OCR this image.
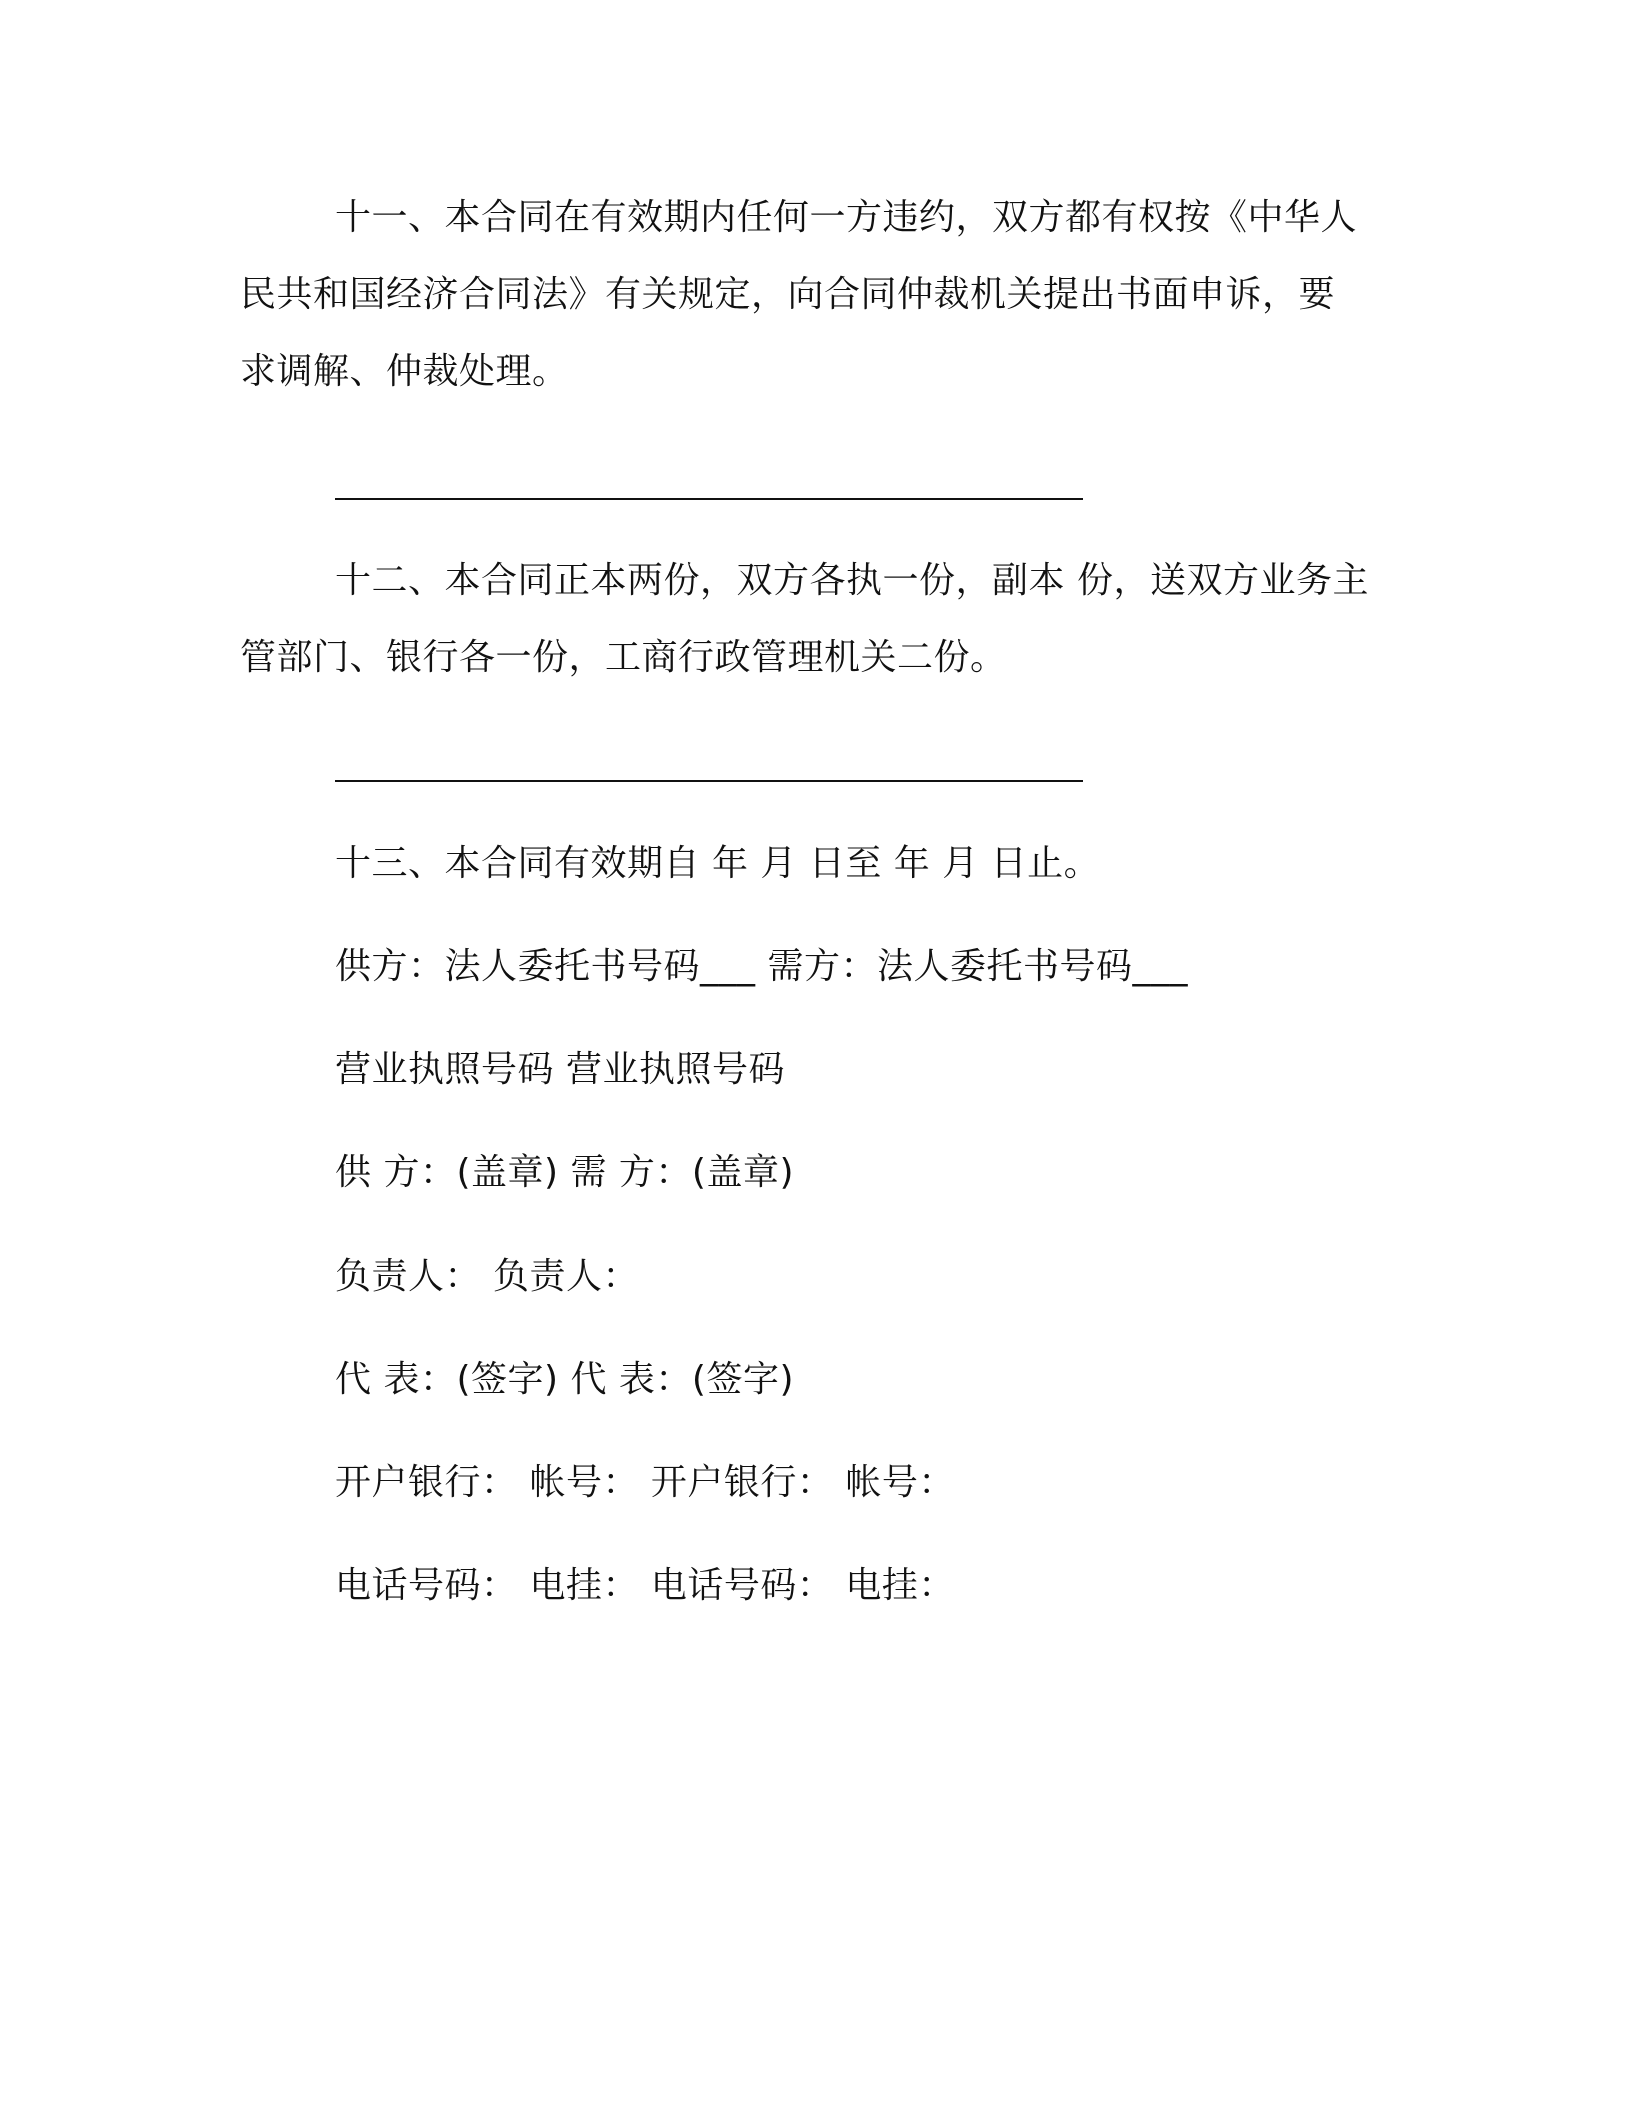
十一、本合同在有效期内任何一方违约，双方都有权按《中华人

民共和国经济合同法》有关规定，向合同仲裁机关提出书面申诉，要

求调解、仲裁处理。

十二、本合同正本两份，双方各执一份，副本 份，送双方业务主

管部门、银行各一份，工商行政管理机关二份。

十三、本合同有效期自 年 月 日至 年 月 日止。

供方：法人委托书号码___ 需方：法人委托书号码___

营业执照号码 营业执照号码

供 方：(盖章) 需 方：(盖章)

负责人： 负责人：

代 表：(签字) 代 表：(签字)

开户银行： 帐号： 开户银行： 帐号：

电话号码： 电挂： 电话号码： 电挂：
